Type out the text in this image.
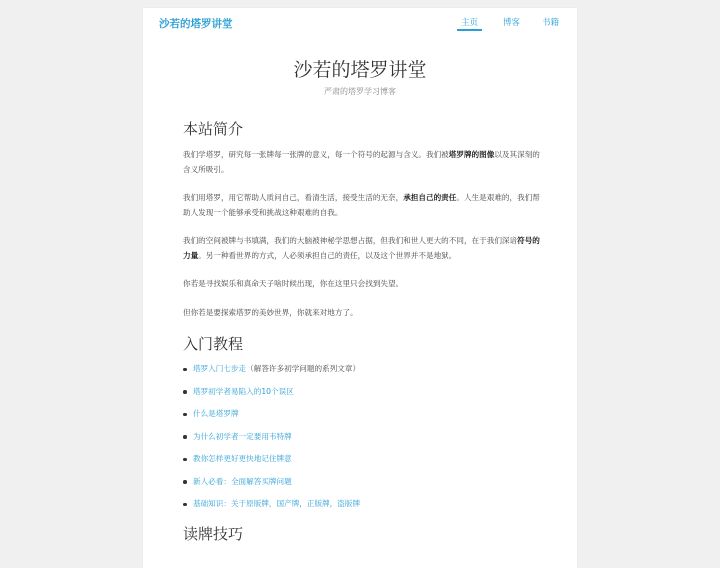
沙若的塔罗讲堂	主页	博客	书籍
沙若的塔罗讲堂
严肃的塔罗学习博客
本站简介

我们学塔罗，研究每一张牌每一张牌的意义，每一个符号的起源与含义。我们被塔罗牌的图像以及其深刻的含义所吸引。

我们用塔罗，用它帮助人质问自己，看清生活，接受生活的无奈，承担自己的责任。人生是艰难的，我们帮助人发现一个能够承受和挑战这种艰难的自我。

我们的空间被牌与书填满，我们的大脑被神秘学思想占据，但我们和世人更大的不同，在于我们深谙符号的力量。另一种看世界的方式，人必须承担自己的责任，以及这个世界并不是地狱。

你若是寻找娱乐和真命天子啥时候出现，你在这里只会找到失望。

但你若是要探索塔罗的美妙世界，你就来对地方了。

入门教程
塔罗入门七步走（解答许多初学问题的系列文章）
塔罗初学者易陷入的10个误区
什么是塔罗牌
为什么初学者一定要用韦特牌
教你怎样更好更快地记住牌意
新人必看：全面解答买牌问题
基础知识：关于原版牌，国产牌，正版牌，盗版牌
读牌技巧
